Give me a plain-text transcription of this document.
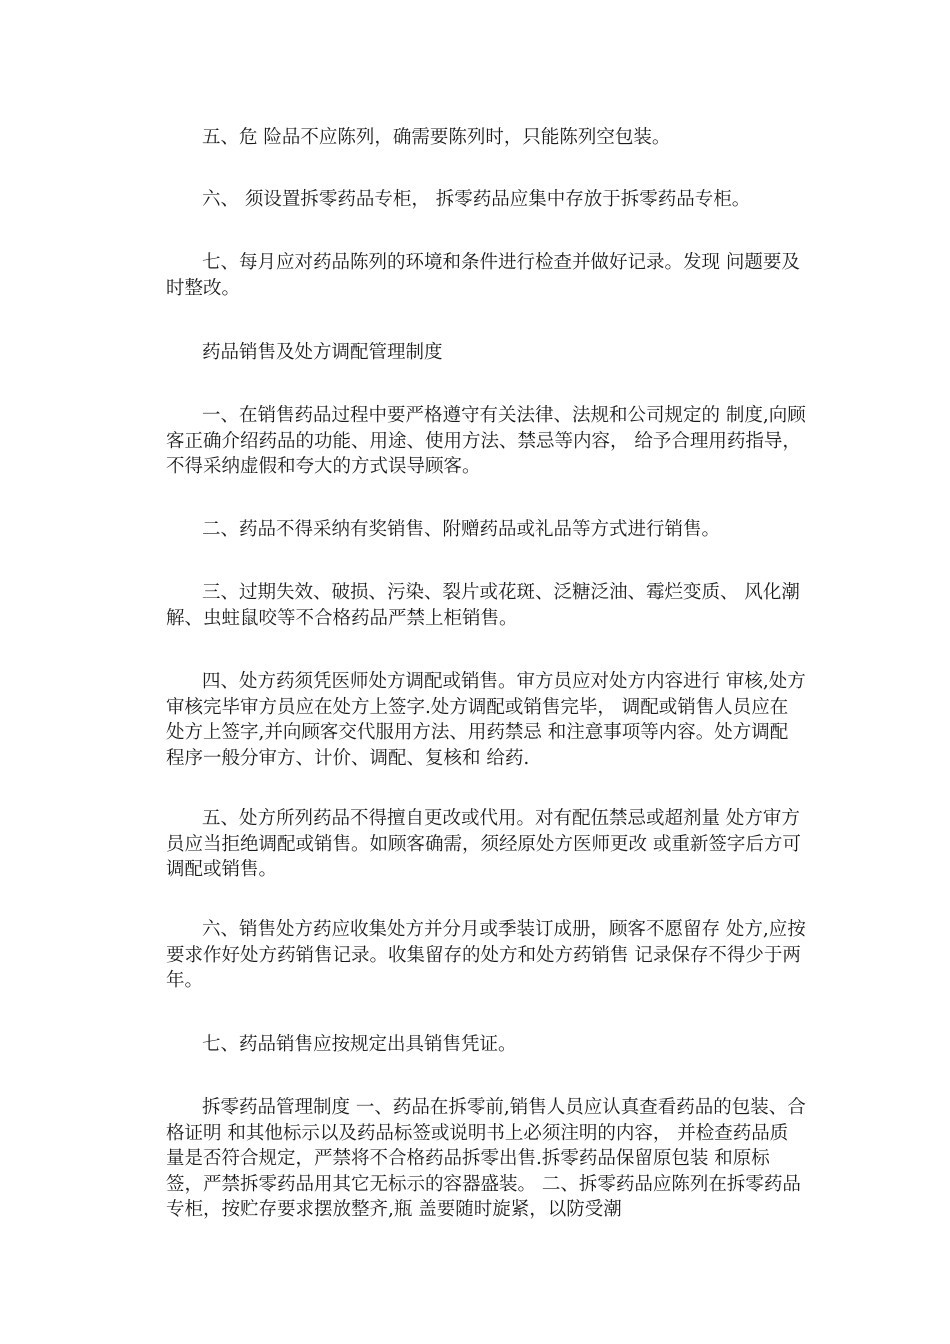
五、危 险品不应陈列，确需要陈列时，只能陈列空包装。

六、 须设置拆零药品专柜， 拆零药品应集中存放于拆零药品专柜。

七、每月应对药品陈列的环境和条件进行检查并做好记录。发现 问题要及时整改。

药品销售及处方调配管理制度

一、在销售药品过程中要严格遵守有关法律、法规和公司规定的 制度,向顾客正确介绍药品的功能、用途、使用方法、禁忌等内容， 给予合理用药指导，不得采纳虚假和夸大的方式误导顾客。

二、药品不得采纳有奖销售、附赠药品或礼品等方式进行销售。

三、过期失效、破损、污染、裂片或花斑、泛糖泛油、霉烂变质、 风化潮解、虫蛀鼠咬等不合格药品严禁上柜销售。

四、处方药须凭医师处方调配或销售。审方员应对处方内容进行 审核,处方审核完毕审方员应在处方上签字.处方调配或销售完毕， 调配或销售人员应在处方上签字,并向顾客交代服用方法、用药禁忌 和注意事项等内容。处方调配程序一般分审方、计价、调配、复核和 给药.

五、处方所列药品不得擅自更改或代用。对有配伍禁忌或超剂量 处方审方员应当拒绝调配或销售。如顾客确需，须经原处方医师更改 或重新签字后方可调配或销售。

六、销售处方药应收集处方并分月或季装订成册，顾客不愿留存 处方,应按要求作好处方药销售记录。收集留存的处方和处方药销售 记录保存不得少于两年。

七、药品销售应按规定出具销售凭证。

拆零药品管理制度 一、药品在拆零前,销售人员应认真查看药品的包装、合格证明 和其他标示以及药品标签或说明书上必须注明的内容， 并检查药品质 量是否符合规定，严禁将不合格药品拆零出售.拆零药品保留原包装 和原标签，严禁拆零药品用其它无标示的容器盛装。 二、拆零药品应陈列在拆零药品专柜，按贮存要求摆放整齐,瓶 盖要随时旋紧，以防受潮
